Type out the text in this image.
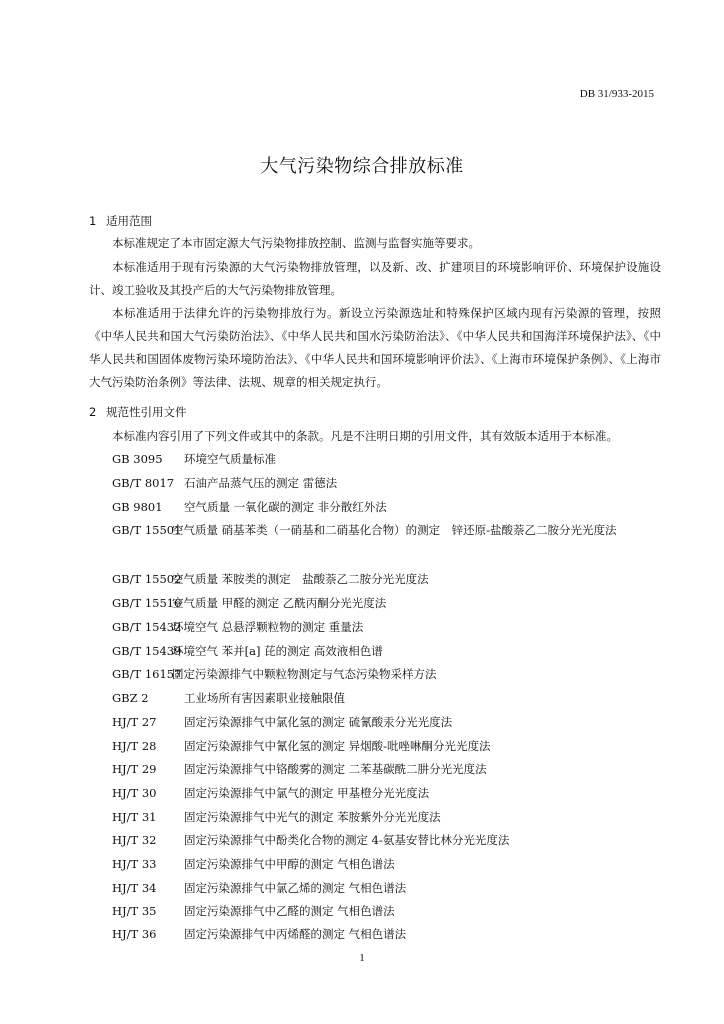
DB 31/933-2015
大气污染物综合排放标准
1 适用范围
本标准规定了本市固定源大气污染物排放控制、监测与监督实施等要求。
本标准适用于现有污染源的大气污染物排放管理，以及新、改、扩建项目的环境影响评价、环境保护设施设计、竣工验收及其投产后的大气污染物排放管理。
本标准适用于法律允许的污染物排放行为。新设立污染源选址和特殊保护区域内现有污染源的管理，按照《中华人民共和国大气污染防治法》、《中华人民共和国水污染防治法》、《中华人民共和国海洋环境保护法》、《中华人民共和国固体废物污染环境防治法》、《中华人民共和国环境影响评价法》、《上海市环境保护条例》、《上海市大气污染防治条例》等法律、法规、规章的相关规定执行。
2 规范性引用文件
本标准内容引用了下列文件或其中的条款。凡是不注明日期的引用文件，其有效版本适用于本标准。
GB 3095 环境空气质量标准
GB/T 8017 石油产品蒸气压的测定 雷德法
GB 9801 空气质量 一氧化碳的测定 非分散红外法
GB/T 15501
空气质量 硝基苯类（一硝基和二硝基化合物）的测定　锌还原-盐酸萘乙二胺分光光度法
GB/T 15502
空气质量 苯胺类的测定　盐酸萘乙二胺分光光度法
GB/T 15516
空气质量 甲醛的测定 乙酰丙酮分光光度法
GB/T 15432
环境空气 总悬浮颗粒物的测定 重量法
GB/T 15439
环境空气 苯并[a] 芘的测定 高效液相色谱
GB/T 16157
固定污染源排气中颗粒物测定与气态污染物采样方法
GBZ 2	工业场所有害因素职业接触限值
HJ/T 27 固定污染源排气中氯化氢的测定 硫氰酸汞分光光度法
HJ/T 28 固定污染源排气中氰化氢的测定 异烟酸-吡唑啉酮分光光度法
HJ/T 29 固定污染源排气中铬酸雾的测定 二苯基碳酰二肼分光光度法
HJ/T 30 固定污染源排气中氯气的测定 甲基橙分光光度法
HJ/T 31 固定污染源排气中光气的测定 苯胺紫外分光光度法
HJ/T 32 固定污染源排气中酚类化合物的测定 4-氨基安替比林分光光度法
HJ/T 33 固定污染源排气中甲醇的测定 气相色谱法
HJ/T 34 固定污染源排气中氯乙烯的测定 气相色谱法
HJ/T 35 固定污染源排气中乙醛的测定 气相色谱法
HJ/T 36 固定污染源排气中丙烯醛的测定 气相色谱法
1
